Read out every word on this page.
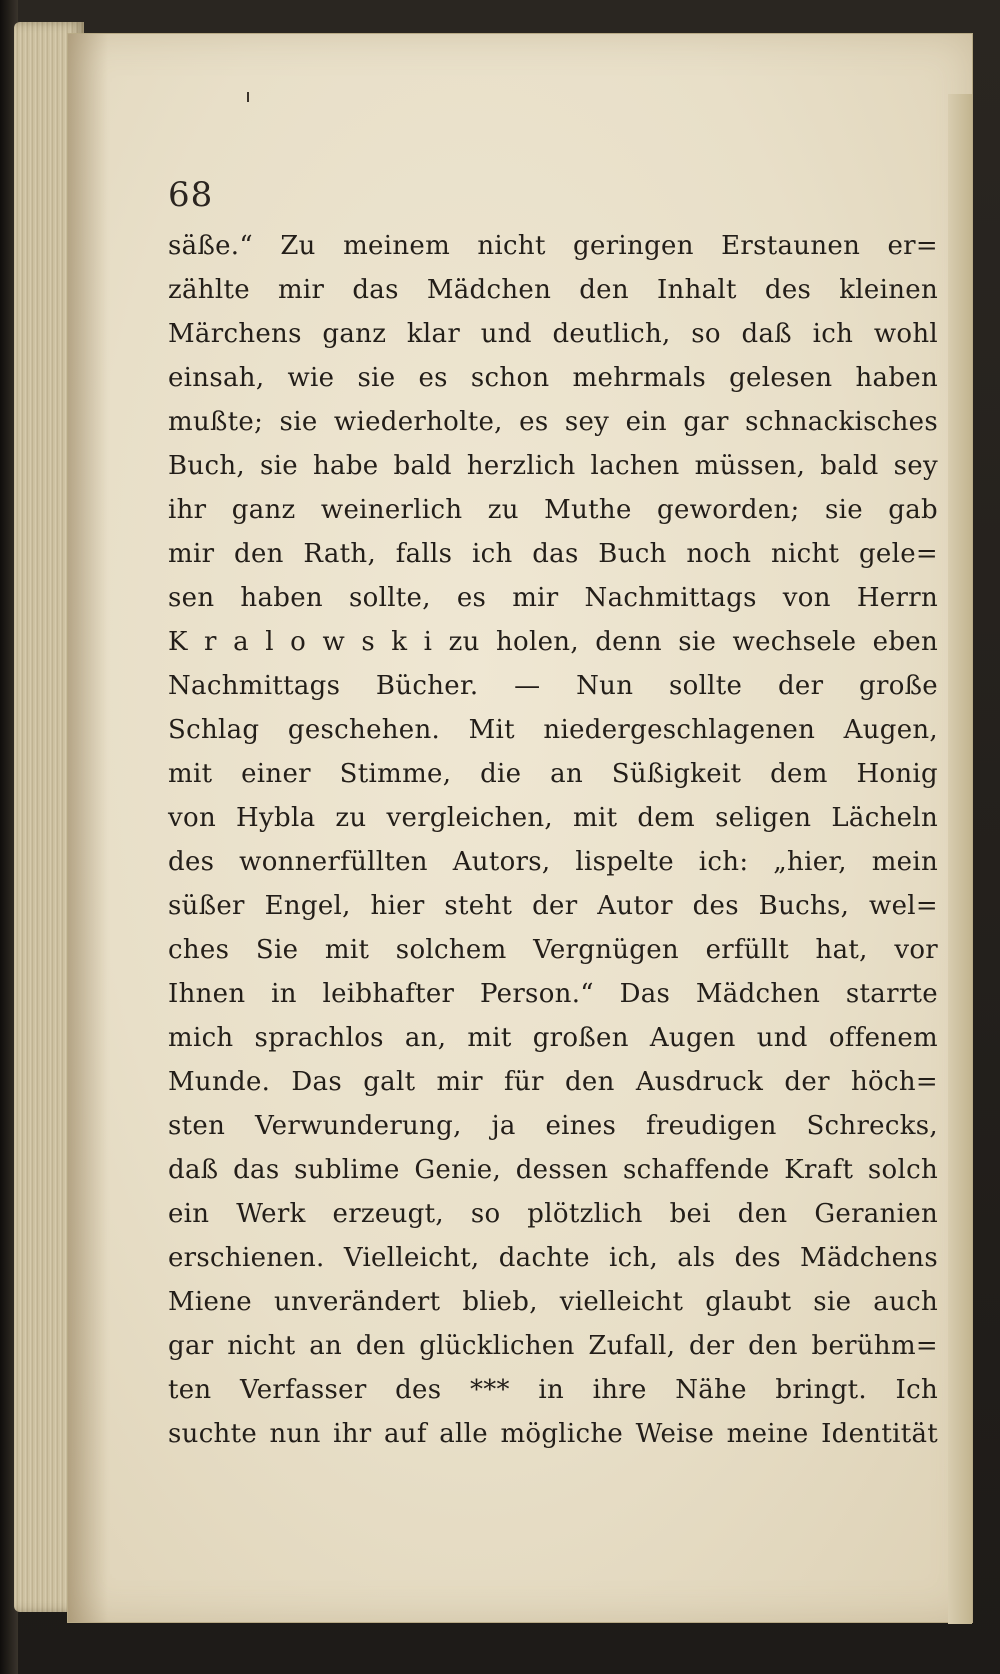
68
säße.“ Zu meinem nicht geringen Erstaunen er=
zählte mir das Mädchen den Inhalt des kleinen
Märchens ganz klar und deutlich, so daß ich wohl
einsah, wie sie es schon mehrmals gelesen haben
mußte; sie wiederholte, es sey ein gar schnackisches
Buch, sie habe bald herzlich lachen müssen, bald sey
ihr ganz weinerlich zu Muthe geworden; sie gab
mir den Rath, falls ich das Buch noch nicht gele=
sen haben sollte, es mir Nachmittags von Herrn
K r a l o w s k i zu holen, denn sie wechsele eben
Nachmittags Bücher. — Nun sollte der große
Schlag geschehen. Mit niedergeschlagenen Augen,
mit einer Stimme, die an Süßigkeit dem Honig
von Hybla zu vergleichen, mit dem seligen Lächeln
des wonnerfüllten Autors, lispelte ich: „hier, mein
süßer Engel, hier steht der Autor des Buchs, wel=
ches Sie mit solchem Vergnügen erfüllt hat, vor
Ihnen in leibhafter Person.“ Das Mädchen starrte
mich sprachlos an, mit großen Augen und offenem
Munde. Das galt mir für den Ausdruck der höch=
sten Verwunderung, ja eines freudigen Schrecks,
daß das sublime Genie, dessen schaffende Kraft solch
ein Werk erzeugt, so plötzlich bei den Geranien
erschienen. Vielleicht, dachte ich, als des Mädchens
Miene unverändert blieb, vielleicht glaubt sie auch
gar nicht an den glücklichen Zufall, der den berühm=
ten Verfasser des *** in ihre Nähe bringt. Ich
suchte nun ihr auf alle mögliche Weise meine Identität
